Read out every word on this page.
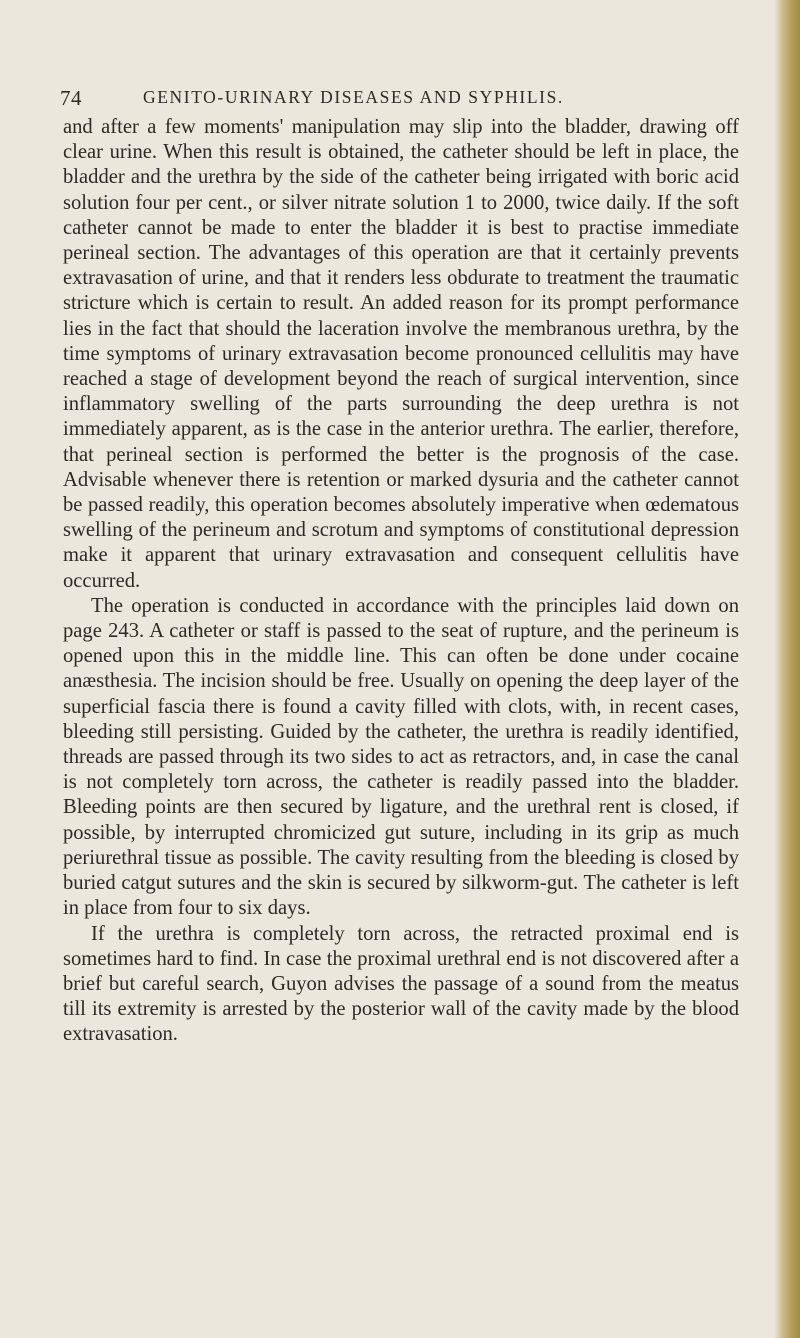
74	GENITO-URINARY DISEASES AND SYPHILIS.

and after a few moments' manipulation may slip into the bladder, drawing off clear urine. When this result is obtained, the catheter should be left in place, the bladder and the urethra by the side of the catheter being irrigated with boric acid solution four per cent., or silver nitrate solution 1 to 2000, twice daily. If the soft catheter cannot be made to enter the bladder it is best to practise immediate perineal section. The advantages of this operation are that it certainly prevents extravasation of urine, and that it renders less obdurate to treatment the traumatic stricture which is certain to result. An added reason for its prompt performance lies in the fact that should the laceration involve the membranous urethra, by the time symptoms of urinary extravasation become pronounced cellulitis may have reached a stage of development beyond the reach of surgical intervention, since inflammatory swelling of the parts surrounding the deep urethra is not immediately apparent, as is the case in the anterior urethra. The earlier, therefore, that perineal section is performed the better is the prognosis of the case. Advisable whenever there is retention or marked dysuria and the catheter cannot be passed readily, this operation becomes absolutely imperative when œdematous swelling of the perineum and scrotum and symptoms of constitutional depression make it apparent that urinary extravasation and consequent cellulitis have occurred.

The operation is conducted in accordance with the principles laid down on page 243. A catheter or staff is passed to the seat of rupture, and the perineum is opened upon this in the middle line. This can often be done under cocaine anæsthesia. The incision should be free. Usually on opening the deep layer of the superficial fascia there is found a cavity filled with clots, with, in recent cases, bleeding still persisting. Guided by the catheter, the urethra is readily identified, threads are passed through its two sides to act as retractors, and, in case the canal is not completely torn across, the catheter is readily passed into the bladder. Bleeding points are then secured by ligature, and the urethral rent is closed, if possible, by interrupted chromicized gut suture, including in its grip as much periurethral tissue as possible. The cavity resulting from the bleeding is closed by buried catgut sutures and the skin is secured by silkworm-gut. The catheter is left in place from four to six days.

If the urethra is completely torn across, the retracted proximal end is sometimes hard to find. In case the proximal urethral end is not discovered after a brief but careful search, Guyon advises the passage of a sound from the meatus till its extremity is arrested by the posterior wall of the cavity made by the blood extravasation.
